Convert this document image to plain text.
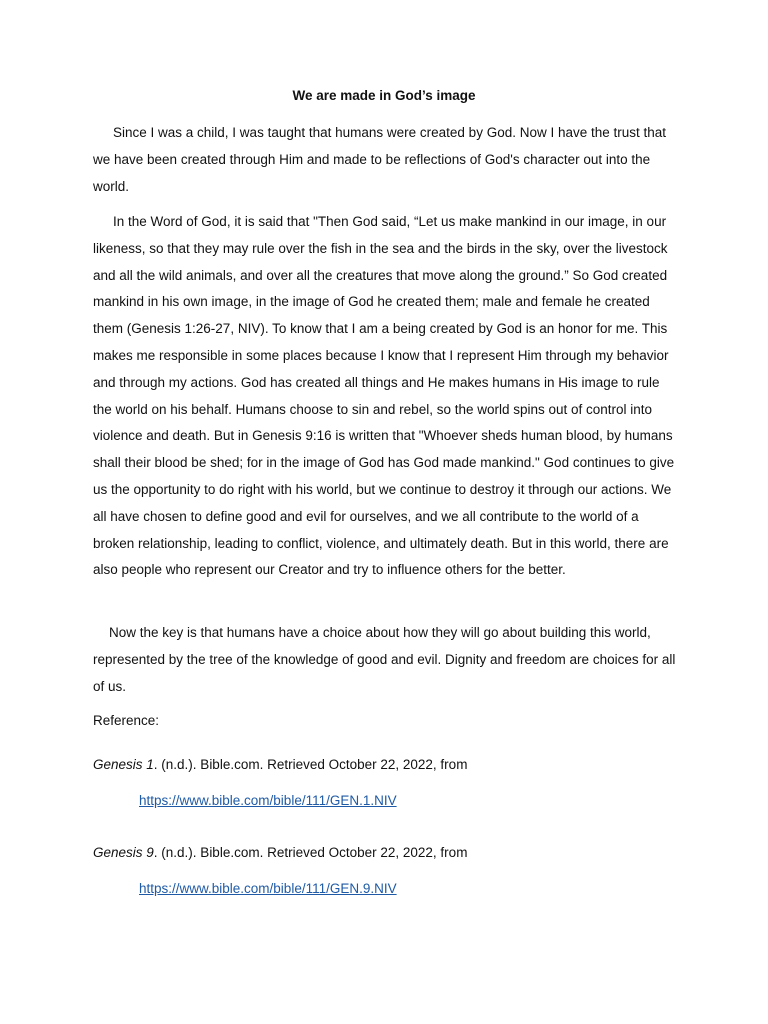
We are made in God’s image

Since I was a child, I was taught that humans were created by God. Now I have the trust that we have been created through Him and made to be reflections of God's character out into the world.

In the Word of God, it is said that "Then God said, “Let us make mankind in our image, in our likeness, so that they may rule over the fish in the sea and the birds in the sky, over the livestock and all the wild animals, and over all the creatures that move along the ground.” So God created mankind in his own image, in the image of God he created them; male and female he created them (Genesis 1:26-27, NIV). To know that I am a being created by God is an honor for me. This makes me responsible in some places because I know that I represent Him through my behavior and through my actions. God has created all things and He makes humans in His image to rule the world on his behalf. Humans choose to sin and rebel, so the world spins out of control into violence and death. But in Genesis 9:16 is written that "Whoever sheds human blood, by humans shall their blood be shed; for in the image of God has God made mankind." God continues to give us the opportunity to do right with his world, but we continue to destroy it through our actions. We all have chosen to define good and evil for ourselves, and we all contribute to the world of a broken relationship, leading to conflict, violence, and ultimately death. But in this world, there are also people who represent our Creator and try to influence others for the better.

Now the key is that humans have a choice about how they will go about building this world, represented by the tree of the knowledge of good and evil. Dignity and freedom are choices for all of us.

Reference:
Genesis 1. (n.d.). Bible.com. Retrieved October 22, 2022, from
https://www.bible.com/bible/111/GEN.1.NIV
Genesis 9. (n.d.). Bible.com. Retrieved October 22, 2022, from
https://www.bible.com/bible/111/GEN.9.NIV
